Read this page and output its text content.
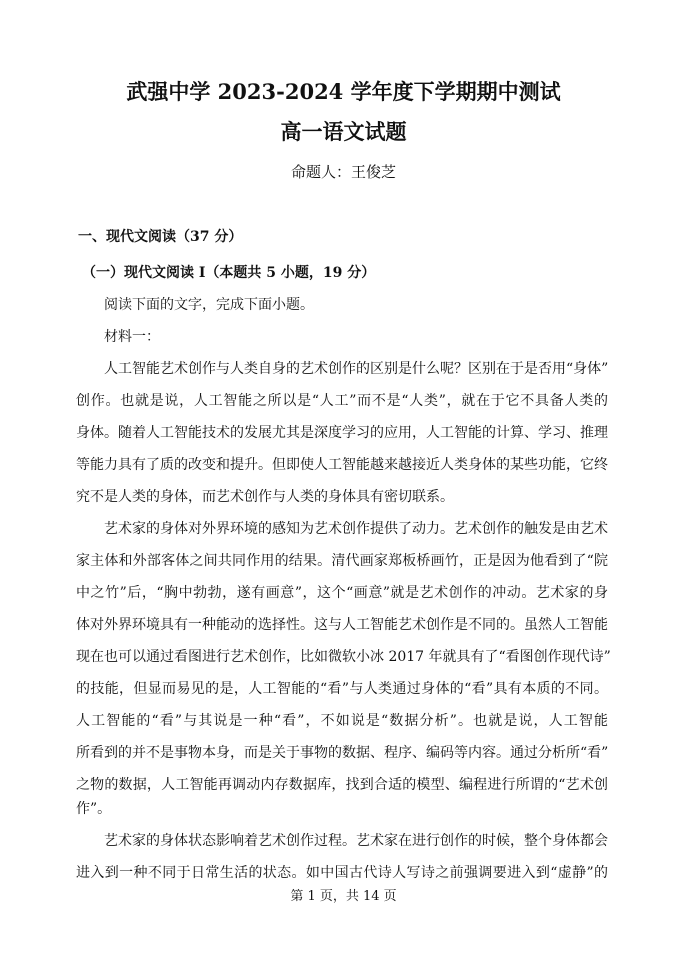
武强中学 2023-2024 学年度下学期期中测试
高一语文试题
命题人：王俊芝
一、现代文阅读（37 分）
（一）现代文阅读 I（本题共 5 小题，19 分）
阅读下面的文字，完成下面小题。
材料一：
人工智能艺术创作与人类自身的艺术创作的区别是什么呢？区别在于是否用“身体”
创作。也就是说，人工智能之所以是“人工”而不是“人类”，就在于它不具备人类的
身体。随着人工智能技术的发展尤其是深度学习的应用，人工智能的计算、学习、推理
等能力具有了质的改变和提升。但即使人工智能越来越接近人类身体的某些功能，它终
究不是人类的身体，而艺术创作与人类的身体具有密切联系。
艺术家的身体对外界环境的感知为艺术创作提供了动力。艺术创作的触发是由艺术
家主体和外部客体之间共同作用的结果。清代画家郑板桥画竹，正是因为他看到了“院
中之竹”后，“胸中勃勃，遂有画意”，这个“画意”就是艺术创作的冲动。艺术家的身
体对外界环境具有一种能动的选择性。这与人工智能艺术创作是不同的。虽然人工智能
现在也可以通过看图进行艺术创作，比如微软小冰 2017 年就具有了“看图创作现代诗”
的技能，但显而易见的是，人工智能的“看”与人类通过身体的“看”具有本质的不同。
人工智能的“看”与其说是一种“看”，不如说是“数据分析”。也就是说，人工智能
所看到的并不是事物本身，而是关于事物的数据、程序、编码等内容。通过分析所“看”
之物的数据，人工智能再调动内存数据库，找到合适的模型、编程进行所谓的“艺术创
作”。
艺术家的身体状态影响着艺术创作过程。艺术家在进行创作的时候，整个身体都会
进入到一种不同于日常生活的状态。如中国古代诗人写诗之前强调要进入到“虚静”的
第 1 页，共 14 页
